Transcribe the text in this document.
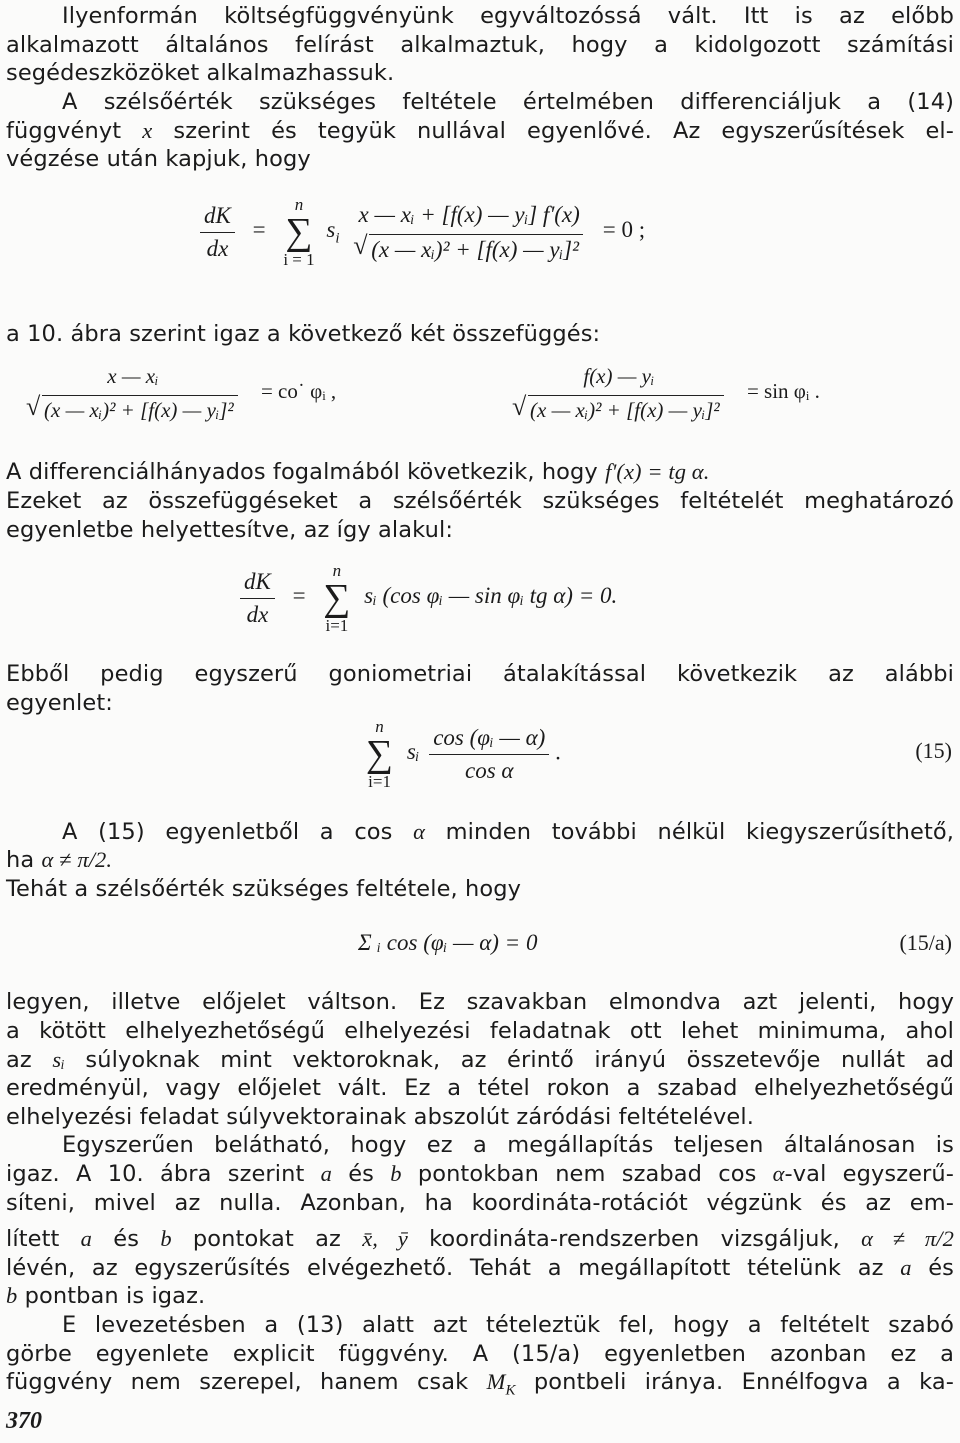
Ilyenformán költségfüggvényünk egyváltozóssá vált. Itt is az előbb
alkalmazott általános felírást alkalmaztuk, hogy a kidolgozott számítási
segédeszközöket alkalmazhassuk.
A szélsőérték szükséges feltétele értelmében differenciáljuk a (14)
függvényt x szerint és tegyük nullával egyenlővé. Az egyszerűsítések el-
végzése után kapjuk, hogy
$\frac{dK}{dx}$ =
n
∑
i = 1
$s_i$
x — xᵢ + [f(x) — yᵢ] f'(x)
√ (x — xᵢ)² + [f(x) — yᵢ]²
= 0 ;
a 10. ábra szerint igaz a következő két összefüggés:
x — xᵢ
√ (x — xᵢ)² + [f(x) — yᵢ]²
= co˙ φᵢ ,
f(x) — yᵢ
√ (x — xᵢ)² + [f(x) — yᵢ]²
= sin φᵢ .
A differenciálhányados fogalmából következik, hogy f'(x) = tg α.
Ezeket az összefüggéseket a szélsőérték szükséges feltételét meghatározó
egyenletbe helyettesítve, az így alakul:
$\frac{dK}{dx}$ =
n
∑
i=1
sᵢ (cos φᵢ — sin φᵢ tg α) = 0.
Ebből pedig egyszerű goniometriai átalakítással következik az alábbi
egyenlet:
n
∑
i=1
sᵢ $\frac{\text{cos (φᵢ — α)}}{\text{cos α}}$ .	(15)
A (15) egyenletből a cos α minden további nélkül kiegyszerűsíthető,
ha α ≠ π/2.
Tehát a szélsőérték szükséges feltétele, hogy
Σ ᵢ cos (φᵢ — α) = 0	(15/a)
legyen, illetve előjelet váltson. Ez szavakban elmondva azt jelenti, hogy
a kötött elhelyezhetőségű elhelyezési feladatnak ott lehet minimuma, ahol
az sᵢ súlyoknak mint vektoroknak, az érintő irányú összetevője nullát ad
eredményül, vagy előjelet vált. Ez a tétel rokon a szabad elhelyezhetőségű
elhelyezési feladat súlyvektorainak abszolút záródási feltételével.
Egyszerűen belátható, hogy ez a megállapítás teljesen általánosan is
igaz. A 10. ábra szerint a és b pontokban nem szabad cos α-val egyszerű-
síteni, mivel az nulla. Azonban, ha koordináta-rotációt végzünk és az em-
lített a és b pontokat az x̄, ȳ koordináta-rendszerben vizsgáljuk, α ≠ π/2
lévén, az egyszerűsítés elvégezhető. Tehát a megállapított tételünk az a és
b pontban is igaz.
E levezetésben a (13) alatt azt tételeztük fel, hogy a feltételt szabó
görbe egyenlete explicit függvény. A (15/a) egyenletben azonban ez a
függvény nem szerepel, hanem csak $M_K$ pontbeli iránya. Ennélfogva a ka-
370
